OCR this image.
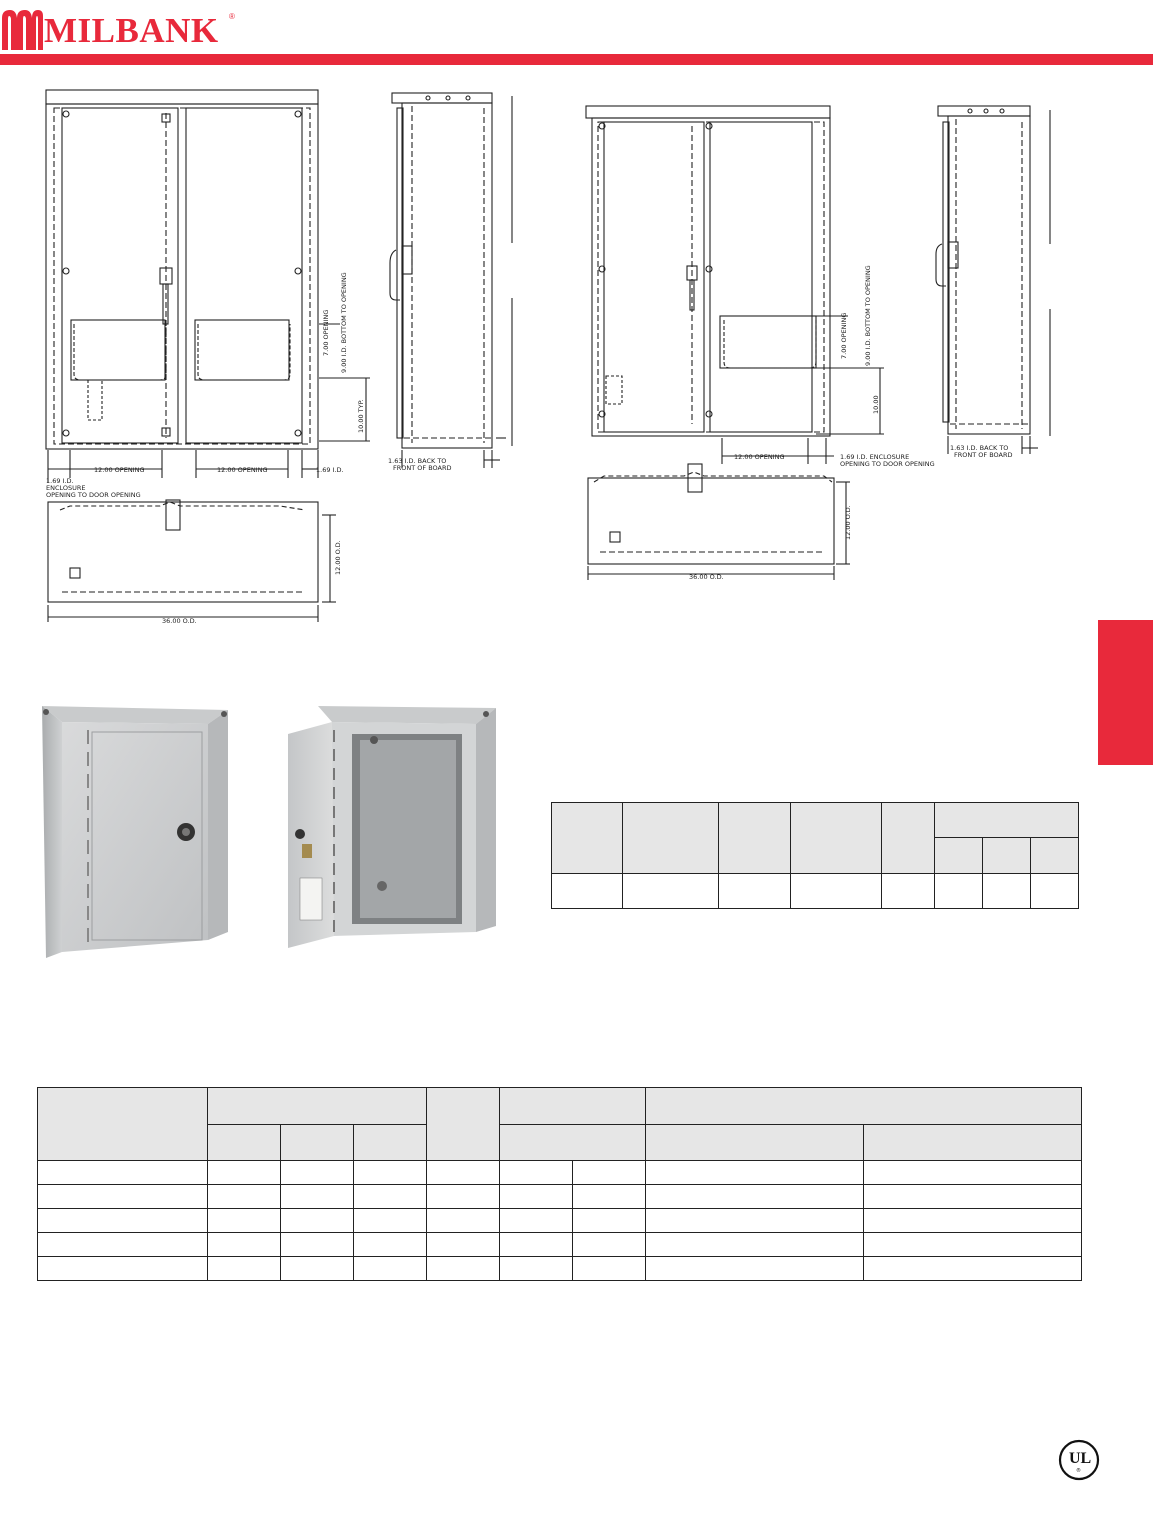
MILBANK ®
7.00 OPENING 9.00 I.D. BOTTOM TO OPENING
10.00 TYP.
12.00 OPENING	12.00 OPENING	1.69 I.D.
1.69 I.D.
ENCLOSURE
OPENING TO DOOR OPENING
1.63 I.D. BACK TO
FRONT OF BOARD
12.00 O.D.
36.00 O.D.
7.00 OPENING 9.00 I.D. BOTTOM TO OPENING
10.00
12.00 OPENING	1.69 I.D. ENCLOSURE
OPENING TO DOOR OPENING
1.63 I.D. BACK TO
FRONT OF BOARD
12.00 O.D.
36.00 O.D.

UL
®
